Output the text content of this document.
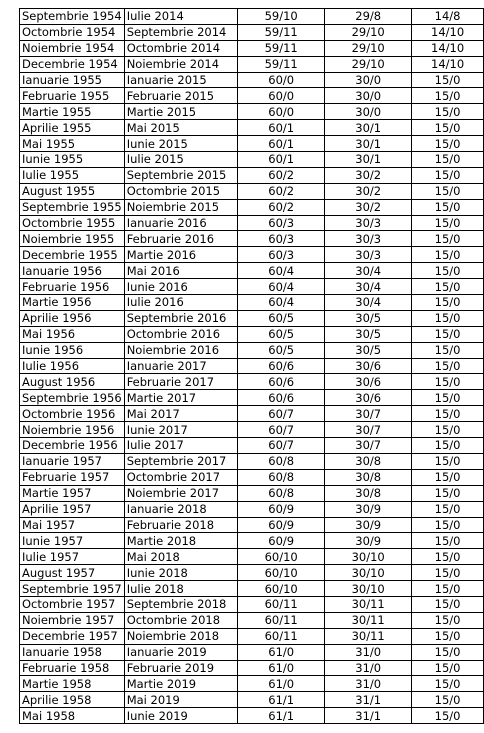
Septembrie 1954	Iulie 2014	59/10	29/8	14/8
Octombrie 1954	Septembrie 2014	59/11	29/10	14/10
Noiembrie 1954	Octombrie 2014	59/11	29/10	14/10
Decembrie 1954	Noiembrie 2014	59/11	29/10	14/10
Ianuarie 1955	Ianuarie 2015	60/0	30/0	15/0
Februarie 1955	Februarie 2015	60/0	30/0	15/0
Martie 1955	Martie 2015	60/0	30/0	15/0
Aprilie 1955	Mai 2015	60/1	30/1	15/0
Mai 1955	Iunie 2015	60/1	30/1	15/0
Iunie 1955	Iulie 2015	60/1	30/1	15/0
Iulie 1955	Septembrie 2015	60/2	30/2	15/0
August 1955	Octombrie 2015	60/2	30/2	15/0
Septembrie 1955	Noiembrie 2015	60/2	30/2	15/0
Octombrie 1955	Ianuarie 2016	60/3	30/3	15/0
Noiembrie 1955	Februarie 2016	60/3	30/3	15/0
Decembrie 1955	Martie 2016	60/3	30/3	15/0
Ianuarie 1956	Mai 2016	60/4	30/4	15/0
Februarie 1956	Iunie 2016	60/4	30/4	15/0
Martie 1956	Iulie 2016	60/4	30/4	15/0
Aprilie 1956	Septembrie 2016	60/5	30/5	15/0
Mai 1956	Octombrie 2016	60/5	30/5	15/0
Iunie 1956	Noiembrie 2016	60/5	30/5	15/0
Iulie 1956	Ianuarie 2017	60/6	30/6	15/0
August 1956	Februarie 2017	60/6	30/6	15/0
Septembrie 1956	Martie 2017	60/6	30/6	15/0
Octombrie 1956	Mai 2017	60/7	30/7	15/0
Noiembrie 1956	Iunie 2017	60/7	30/7	15/0
Decembrie 1956	Iulie 2017	60/7	30/7	15/0
Ianuarie 1957	Septembrie 2017	60/8	30/8	15/0
Februarie 1957	Octombrie 2017	60/8	30/8	15/0
Martie 1957	Noiembrie 2017	60/8	30/8	15/0
Aprilie 1957	Ianuarie 2018	60/9	30/9	15/0
Mai 1957	Februarie 2018	60/9	30/9	15/0
Iunie 1957	Martie 2018	60/9	30/9	15/0
Iulie 1957	Mai 2018	60/10	30/10	15/0
August 1957	Iunie 2018	60/10	30/10	15/0
Septembrie 1957	Iulie 2018	60/10	30/10	15/0
Octombrie 1957	Septembrie 2018	60/11	30/11	15/0
Noiembrie 1957	Octombrie 2018	60/11	30/11	15/0
Decembrie 1957	Noiembrie 2018	60/11	30/11	15/0
Ianuarie 1958	Ianuarie 2019	61/0	31/0	15/0
Februarie 1958	Februarie 2019	61/0	31/0	15/0
Martie 1958	Martie 2019	61/0	31/0	15/0
Aprilie 1958	Mai 2019	61/1	31/1	15/0
Mai 1958	Iunie 2019	61/1	31/1	15/0
